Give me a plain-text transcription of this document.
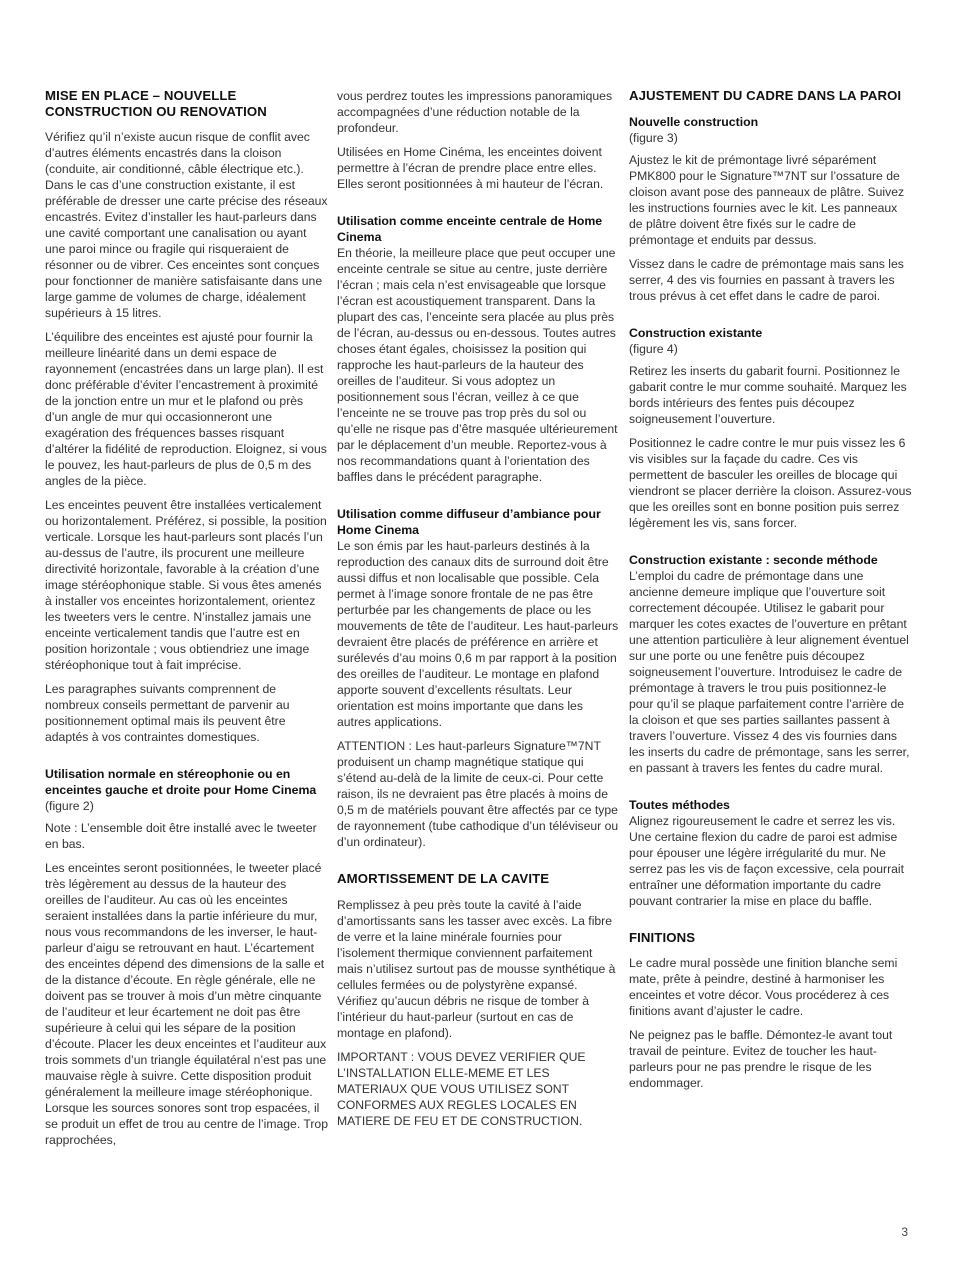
MISE EN PLACE – NOUVELLE CONSTRUCTION OU RENOVATION

Vérifiez qu’il n’existe aucun risque de conflit avec d’autres éléments encastrés dans la cloison (conduite, air conditionné, câble électrique etc.). Dans le cas d’une construction existante, il est préférable de dresser une carte précise des réseaux encastrés. Evitez d’installer les haut-parleurs dans une cavité comportant une canalisation ou ayant une paroi mince ou fragile qui risqueraient de résonner ou de vibrer. Ces enceintes sont conçues pour fonctionner de manière satisfaisante dans une large gamme de volumes de charge, idéalement supérieurs à 15 litres.

L’équilibre des enceintes est ajusté pour fournir la meilleure linéarité dans un demi espace de rayonnement (encastrées dans un large plan). Il est donc préférable d’éviter l’encastrement à proximité de la jonction entre un mur et le plafond ou près d’un angle de mur qui occasionneront une exagération des fréquences basses risquant d’altérer la fidélité de reproduction. Eloignez, si vous le pouvez, les haut-parleurs de plus de 0,5 m des angles de la pièce.

Les enceintes peuvent être installées verticalement ou horizontalement. Préférez, si possible, la position verticale. Lorsque les haut-parleurs sont placés l’un au-dessus de l’autre, ils procurent une meilleure directivité horizontale, favorable à la création d’une image stéréophonique stable. Si vous êtes amenés à installer vos enceintes horizontalement, orientez les tweeters vers le centre. N’installez jamais une enceinte verticalement tandis que l’autre est en position horizontale ; vous obtiendriez une image stéréophonique tout à fait imprécise.

Les paragraphes suivants comprennent de nombreux conseils permettant de parvenir au positionnement optimal mais ils peuvent être adaptés à vos contraintes domestiques.

Utilisation normale en stéreophonie ou en enceintes gauche et droite pour Home Cinema

(figure 2)

Note : L’ensemble doit être installé avec le tweeter en bas.

Les enceintes seront positionnées, le tweeter placé très légèrement au dessus de la hauteur des oreilles de l’auditeur. Au cas où les enceintes seraient installées dans la partie inférieure du mur, nous vous recommandons de les inverser, le haut-parleur d’aigu se retrouvant en haut. L’écartement des enceintes dépend des dimensions de la salle et de la distance d’écoute. En règle générale, elle ne doivent pas se trouver à mois d’un mètre cinquante de l’auditeur et leur écartement ne doit pas être supérieure à celui qui les sépare de la position d’écoute. Placer les deux enceintes et l’auditeur aux trois sommets d’un triangle équilatéral n’est pas une mauvaise règle à suivre. Cette disposition produit généralement la meilleure image stéréophonique. Lorsque les sources sonores sont trop espacées, il se produit un effet de trou au centre de l’image. Trop rapprochées,

vous perdrez toutes les impressions panoramiques accompagnées d’une réduction notable de la profondeur.

Utilisées en Home Cinéma, les enceintes doivent permettre à l’écran de prendre place entre elles. Elles seront positionnées à mi hauteur de l’écran.

Utilisation comme enceinte centrale de Home Cinema

En théorie, la meilleure place que peut occuper une enceinte centrale se situe au centre, juste derrière l’écran ; mais cela n’est envisageable que lorsque l’écran est acoustiquement transparent. Dans la plupart des cas, l’enceinte sera placée au plus près de l’écran, au-dessus ou en-dessous. Toutes autres choses étant égales, choisissez la position qui rapproche les haut-parleurs de la hauteur des oreilles de l’auditeur. Si vous adoptez un positionnement sous l’écran, veillez à ce que l’enceinte ne se trouve pas trop près du sol ou qu’elle ne risque pas d’être masquée ultérieurement par le déplacement d’un meuble. Reportez-vous à nos recommandations quant à l’orientation des baffles dans le précédent paragraphe.

Utilisation comme diffuseur d’ambiance pour Home Cinema

Le son émis par les haut-parleurs destinés à la reproduction des canaux dits de surround doit être aussi diffus et non localisable que possible. Cela permet à l’image sonore frontale de ne pas être perturbée par les changements de place ou les mouvements de tête de l’auditeur. Les haut-parleurs devraient être placés de préférence en arrière et surélevés d’au moins 0,6 m par rapport à la position des oreilles de l’auditeur. Le montage en plafond apporte souvent d’excellents résultats. Leur orientation est moins importante que dans les autres applications.

ATTENTION : Les haut-parleurs Signature™7NT produisent un champ magnétique statique qui s’étend au-delà de la limite de ceux-ci. Pour cette raison, ils ne devraient pas être placés à moins de 0,5 m de matériels pouvant être affectés par ce type de rayonnement (tube cathodique d’un téléviseur ou d’un ordinateur).

AMORTISSEMENT DE LA CAVITE

Remplissez à peu près toute la cavité à l’aide d’amortissants sans les tasser avec excès. La fibre de verre et la laine minérale fournies pour l’isolement thermique conviennent parfaitement mais n’utilisez surtout pas de mousse synthétique à cellules fermées ou de polystyrène expansé. Vérifiez qu’aucun débris ne risque de tomber à l’intérieur du haut-parleur (surtout en cas de montage en plafond).

IMPORTANT : VOUS DEVEZ VERIFIER QUE L’INSTALLATION ELLE-MEME ET LES MATERIAUX QUE VOUS UTILISEZ SONT CONFORMES AUX REGLES LOCALES EN MATIERE DE FEU ET DE CONSTRUCTION.

AJUSTEMENT DU CADRE DANS LA PAROI
Nouvelle construction

(figure 3)

Ajustez le kit de prémontage livré séparément PMK800 pour le Signature™7NT sur l’ossature de cloison avant pose des panneaux de plâtre. Suivez les instructions fournies avec le kit. Les panneaux de plâtre doivent être fixés sur le cadre de prémontage et enduits par dessus.

Vissez dans le cadre de prémontage mais sans les serrer, 4 des vis fournies en passant à travers les trous prévus à cet effet dans le cadre de paroi.

Construction existante

(figure 4)

Retirez les inserts du gabarit fourni. Positionnez le gabarit contre le mur comme souhaité. Marquez les bords intérieurs des fentes puis découpez soigneusement l’ouverture.

Positionnez le cadre contre le mur puis vissez les 6 vis visibles sur la façade du cadre. Ces vis permettent de basculer les oreilles de blocage qui viendront se placer derrière la cloison. Assurez-vous que les oreilles sont en bonne position puis serrez légèrement les vis, sans forcer.

Construction existante : seconde méthode

L’emploi du cadre de prémontage dans une ancienne demeure implique que l’ouverture soit correctement découpée. Utilisez le gabarit pour marquer les cotes exactes de l’ouverture en prêtant une attention particulière à leur alignement éventuel sur une porte ou une fenêtre puis découpez soigneusement l’ouverture. Introduisez le cadre de prémontage à travers le trou puis positionnez-le pour qu’il se plaque parfaitement contre l’arrière de la cloison et que ses parties saillantes passent à travers l’ouverture. Vissez 4 des vis fournies dans les inserts du cadre de prémontage, sans les serrer, en passant à travers les fentes du cadre mural.

Toutes méthodes

Alignez rigoureusement le cadre et serrez les vis. Une certaine flexion du cadre de paroi est admise pour épouser une légère irrégularité du mur. Ne serrez pas les vis de façon excessive, cela pourrait entraîner une déformation importante du cadre pouvant contrarier la mise en place du baffle.

FINITIONS

Le cadre mural possède une finition blanche semi mate, prête à peindre, destiné à harmoniser les enceintes et votre décor. Vous procéderez à ces finitions avant d’ajuster le cadre.

Ne peignez pas le baffle. Démontez-le avant tout travail de peinture. Evitez de toucher les haut-parleurs pour ne pas prendre le risque de les endommager.

3
